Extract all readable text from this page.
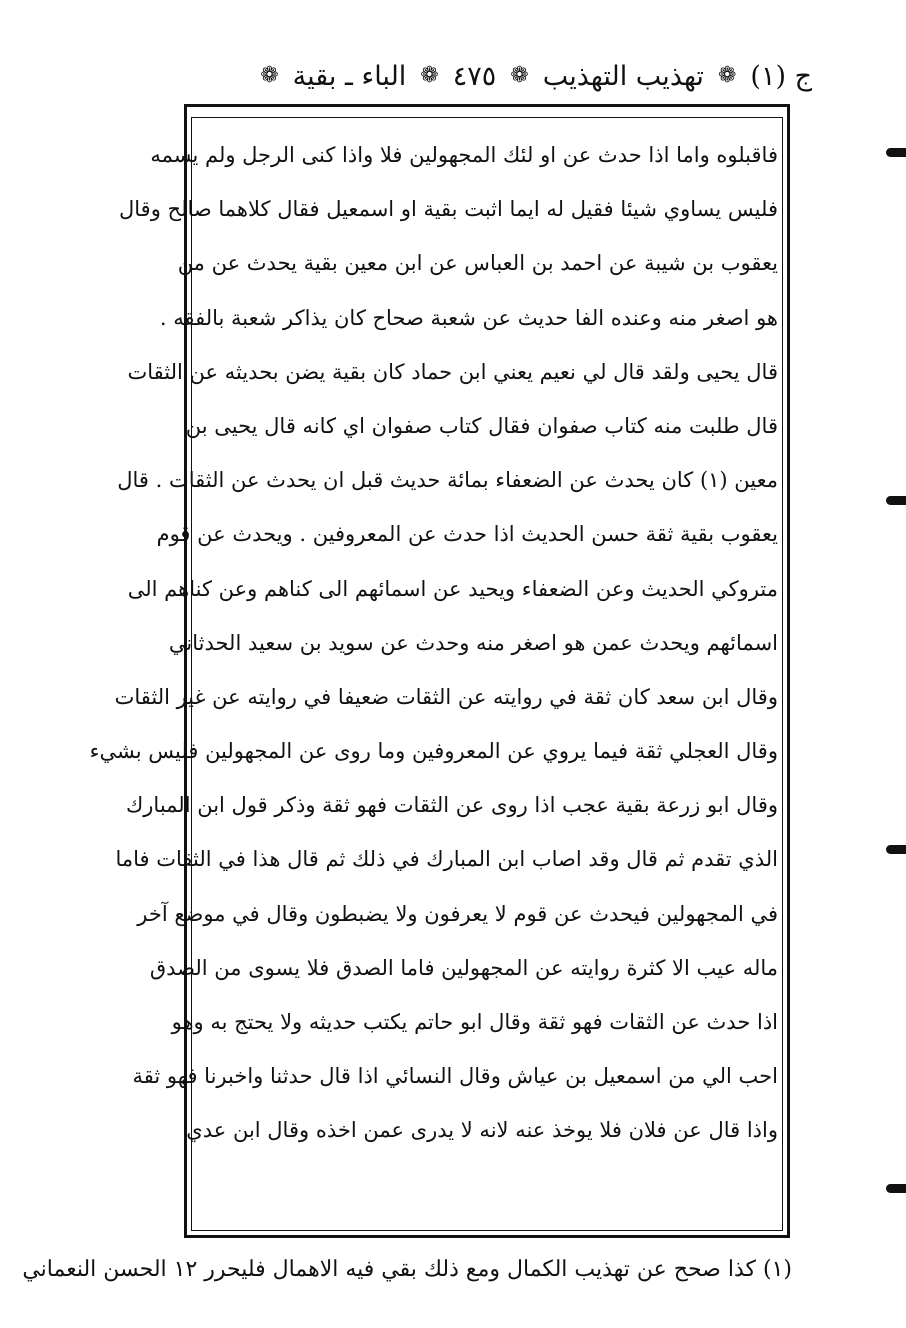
ج (١)
❁
تهذيب التهذيب
❁
٤٧٥
❁
الباء ـ بقية
❁
فاقبلوه واما اذا حدث عن او لئك المجهولين فلا واذا كنى الرجل ولم يسمه
فليس يساوي شيئا فقيل له ايما اثبت بقية او اسمعيل فقال كلاهما صالح وقال
يعقوب بن شيبة عن احمد بن العباس عن ابن معين بقية يحدث عن من
هو اصغر منه وعنده الفا حديث عن شعبة صحاح كان يذاكر شعبة بالفقه .
قال يحيى ولقد قال لي نعيم يعني ابن حماد كان بقية يضن بحديثه عن الثقات
قال طلبت منه كتاب صفوان فقال كتاب صفوان اي كانه قال يحيى بن
معين (١) كان يحدث عن الضعفاء بمائة حديث قبل ان يحدث عن الثقات . قال
يعقوب بقية ثقة حسن الحديث اذا حدث عن المعروفين . ويحدث عن قوم
متروكي الحديث وعن الضعفاء ويحيد عن اسمائهم الى كناهم وعن كناهم الى
اسمائهم ويحدث عمن هو اصغر منه وحدث عن سويد بن سعيد الحدثاني
وقال ابن سعد كان ثقة في روايته عن الثقات ضعيفا في روايته عن غير الثقات
وقال العجلي ثقة فيما يروي عن المعروفين وما روى عن المجهولين فليس بشيء
وقال ابو زرعة بقية عجب اذا روى عن الثقات فهو ثقة وذكر قول ابن المبارك
الذي تقدم ثم قال وقد اصاب ابن المبارك في ذلك ثم قال هذا في الثقات فاما
في المجهولين فيحدث عن قوم لا يعرفون ولا يضبطون وقال في موضع آخر
ماله عيب الا كثرة روايته عن المجهولين فاما الصدق فلا يسوى من الصدق
اذا حدث عن الثقات فهو ثقة وقال ابو حاتم يكتب حديثه ولا يحتج به وهو
احب الي من اسمعيل بن عياش وقال النسائي اذا قال حدثنا واخبرنا فهو ثقة
واذا قال عن فلان فلا يوخذ عنه لانه لا يدرى عمن اخذه وقال ابن عدي
(١) كذا صحح عن تهذيب الكمال ومع ذلك بقي فيه الاهمال فليحرر ١٢ الحسن النعماني
